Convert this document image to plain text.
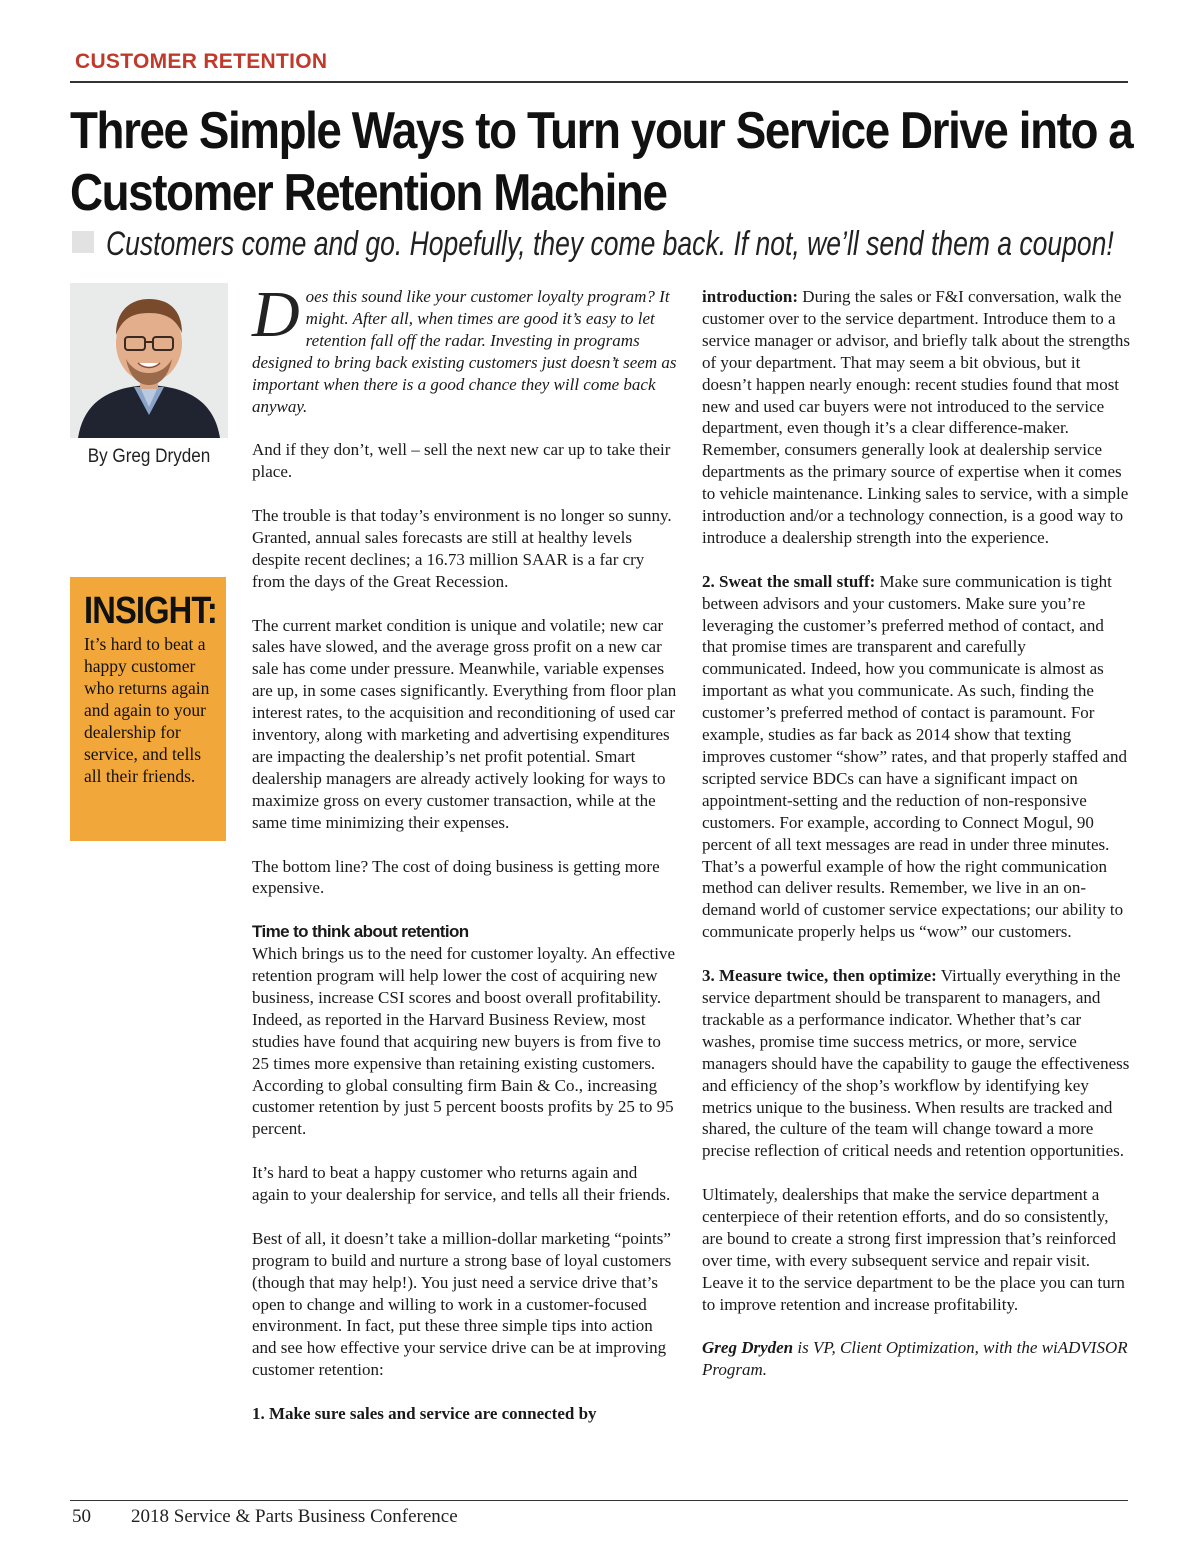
CUSTOMER RETENTION
Three Simple Ways to Turn your Service Drive into a
Customer Retention Machine
Customers come and go. Hopefully, they come back. If not, we’ll send them a coupon!
By Greg Dryden
INSIGHT:
It’s hard to beat a happy customer who returns again and again to your dealership for service, and tells all their friends.

Does this sound like your customer loyalty program? It might. After all, when times are good it’s easy to let retention fall off the radar. Investing in programs designed to bring back existing customers just doesn’t seem as important when there is a good chance they will come back anyway.

And if they don’t, well – sell the next new car up to take their place.

The trouble is that today’s environment is no longer so sunny. Granted, annual sales forecasts are still at healthy levels despite recent declines; a 16.73 million SAAR is a far cry from the days of the Great Recession.

The current market condition is unique and volatile; new car sales have slowed, and the average gross profit on a new car sale has come under pressure. Meanwhile, variable expenses are up, in some cases significantly. Everything from floor plan interest rates, to the acquisition and reconditioning of used car inventory, along with marketing and advertising expenditures are impacting the dealership’s net profit potential. Smart dealership managers are already actively looking for ways to maximize gross on every customer transaction, while at the same time minimizing their expenses.

The bottom line? The cost of doing business is getting more expensive.

Time to think about retention
Which brings us to the need for customer loyalty. An effective retention program will help lower the cost of acquiring new business, increase CSI scores and boost overall profitability. Indeed, as reported in the Harvard Business Review, most studies have found that acquiring new buyers is from five to 25 times more expensive than retaining existing customers. According to global consulting firm Bain & Co., increasing customer retention by just 5 percent boosts profits by 25 to 95 percent.

It’s hard to beat a happy customer who returns again and again to your dealership for service, and tells all their friends.

Best of all, it doesn’t take a million-dollar marketing “points” program to build and nurture a strong base of loyal customers (though that may help!). You just need a service drive that’s open to change and willing to work in a customer-focused environment. In fact, put these three simple tips into action and see how effective your service drive can be at improving customer retention:

1. Make sure sales and service are connected by

introduction: During the sales or F&I conversation, walk the customer over to the service department. Introduce them to a service manager or advisor, and briefly talk about the strengths of your department. That may seem a bit obvious, but it doesn’t happen nearly enough: recent studies found that most new and used car buyers were not introduced to the service department, even though it’s a clear difference-maker. Remember, consumers generally look at dealership service departments as the primary source of expertise when it comes to vehicle maintenance. Linking sales to service, with a simple introduction and/or a technology connection, is a good way to introduce a dealership strength into the experience.

2. Sweat the small stuff: Make sure communication is tight between advisors and your customers. Make sure you’re leveraging the customer’s preferred method of contact, and that promise times are transparent and carefully communicated. Indeed, how you communicate is almost as important as what you communicate. As such, finding the customer’s preferred method of contact is paramount. For example, studies as far back as 2014 show that texting improves customer “show” rates, and that properly staffed and scripted service BDCs can have a significant impact on appointment-setting and the reduction of non-responsive customers. For example, according to Connect Mogul, 90 percent of all text messages are read in under three minutes. That’s a powerful example of how the right communication method can deliver results. Remember, we live in an on-demand world of customer service expectations; our ability to communicate properly helps us “wow” our customers.

3. Measure twice, then optimize: Virtually everything in the service department should be transparent to managers, and trackable as a performance indicator. Whether that’s car washes, promise time success metrics, or more, service managers should have the capability to gauge the effectiveness and efficiency of the shop’s workflow by identifying key metrics unique to the business. When results are tracked and shared, the culture of the team will change toward a more precise reflection of critical needs and retention opportunities.

Ultimately, dealerships that make the service department a centerpiece of their retention efforts, and do so consistently, are bound to create a strong first impression that’s reinforced over time, with every subsequent service and repair visit. Leave it to the service department to be the place you can turn to improve retention and increase profitability.

Greg Dryden is VP, Client Optimization, with the wiADVISOR Program.

50 2018 Service & Parts Business Conference
